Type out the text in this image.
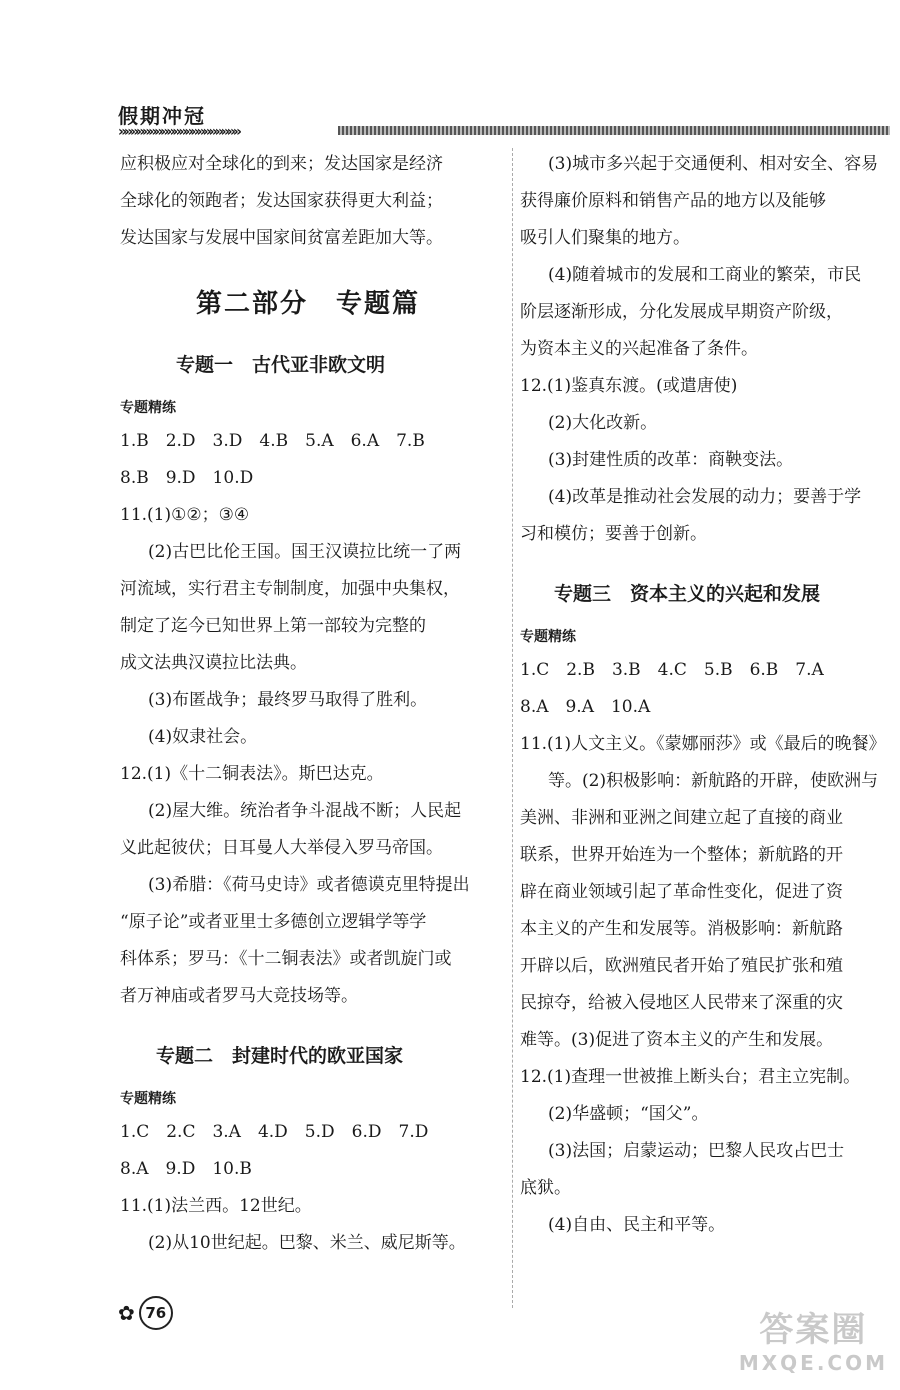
假期冲冠
»»»»»»»»»»»»»»»»»»»»
应积极应对全球化的到来；发达国家是经济
全球化的领跑者；发达国家获得更大利益；
发达国家与发展中国家间贫富差距加大等。
第二部分　专题篇
专题一　古代亚非欧文明
专题精练
1.B　2.D　3.D　4.B　5.A　6.A　7.B
8.B　9.D　10.D
11.(1)①②；③④
(2)古巴比伦王国。国王汉谟拉比统一了两
河流域，实行君主专制制度，加强中央集权，
制定了迄今已知世界上第一部较为完整的
成文法典汉谟拉比法典。
(3)布匿战争；最终罗马取得了胜利。
(4)奴隶社会。
12.(1)《十二铜表法》。斯巴达克。
(2)屋大维。统治者争斗混战不断；人民起
义此起彼伏；日耳曼人大举侵入罗马帝国。
(3)希腊：《荷马史诗》或者德谟克里特提出
“原子论”或者亚里士多德创立逻辑学等学
科体系；罗马：《十二铜表法》或者凯旋门或
者万神庙或者罗马大竞技场等。
专题二　封建时代的欧亚国家
专题精练
1.C　2.C　3.A　4.D　5.D　6.D　7.D
8.A　9.D　10.B
11.(1)法兰西。12世纪。
(2)从10世纪起。巴黎、米兰、威尼斯等。
(3)城市多兴起于交通便利、相对安全、容易
获得廉价原料和销售产品的地方以及能够
吸引人们聚集的地方。
(4)随着城市的发展和工商业的繁荣，市民
阶层逐渐形成，分化发展成早期资产阶级，
为资本主义的兴起准备了条件。
12.(1)鉴真东渡。(或遣唐使)
(2)大化改新。
(3)封建性质的改革：商鞅变法。
(4)改革是推动社会发展的动力；要善于学
习和模仿；要善于创新。
专题三　资本主义的兴起和发展
专题精练
1.C　2.B　3.B　4.C　5.B　6.B　7.A
8.A　9.A　10.A
11.(1)人文主义。《蒙娜丽莎》或《最后的晚餐》
等。(2)积极影响：新航路的开辟，使欧洲与
美洲、非洲和亚洲之间建立起了直接的商业
联系，世界开始连为一个整体；新航路的开
辟在商业领域引起了革命性变化，促进了资
本主义的产生和发展等。消极影响：新航路
开辟以后，欧洲殖民者开始了殖民扩张和殖
民掠夺，给被入侵地区人民带来了深重的灾
难等。(3)促进了资本主义的产生和发展。
12.(1)查理一世被推上断头台；君主立宪制。
(2)华盛顿；“国父”。
(3)法国；启蒙运动；巴黎人民攻占巴士
底狱。
(4)自由、民主和平等。
✿ 76	答案圈
MXQE.COM
